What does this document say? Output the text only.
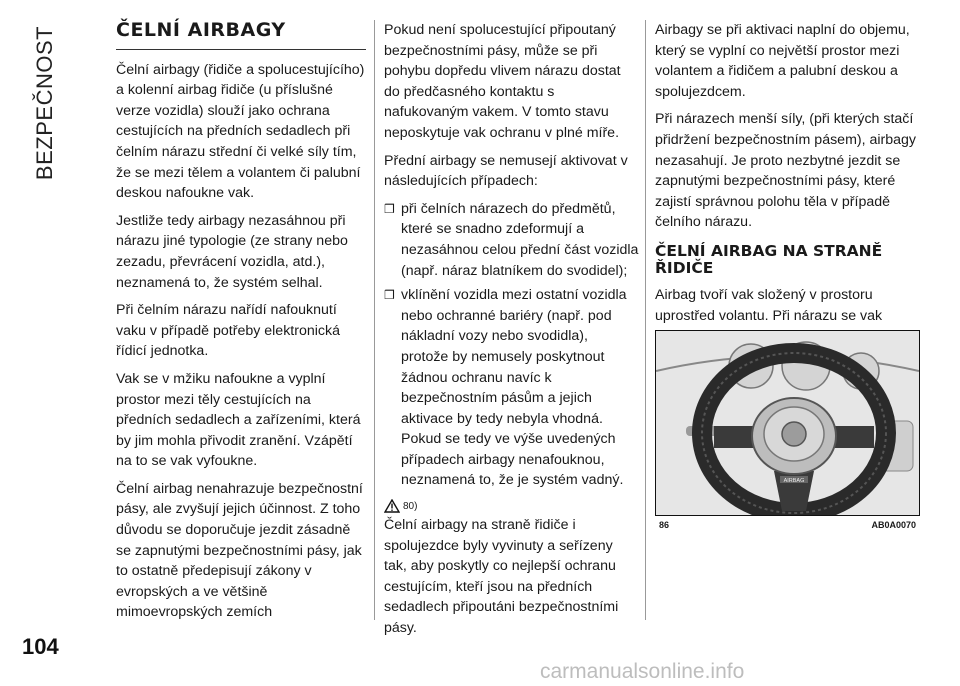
BEZPEČNOST	ČELNÍ AIRBAGY

Čelní airbagy (řidiče a spolucestujícího) a kolenní airbag řidiče (u příslušné verze vozidla) slouží jako ochrana cestujících na předních sedadlech při čelním nárazu střední či velké síly tím, že se mezi tělem a volantem či palubní deskou nafoukne vak.

Jestliže tedy airbagy nezasáhnou při nárazu jiné typologie (ze strany nebo zezadu, převrácení vozidla, atd.), neznamená to, že systém selhal.

Při čelním nárazu nařídí nafouknutí vaku v případě potřeby elektronická řídicí jednotka.

Vak se v mžiku nafoukne a vyplní prostor mezi těly cestujících na předních sedadlech a zařízeními, která by jim mohla přivodit zranění. Vzápětí na to se vak vyfoukne.

Čelní airbag nenahrazuje bezpečnostní pásy, ale zvyšují jejich účinnost. Z toho důvodu se doporučuje jezdit zásadně se zapnutými bezpečnostními pásy, jak to ostatně předepisují zákony v evropských a ve většině mimoevropských zemích

Pokud není spolucestující připoutaný bezpečnostními pásy, může se při pohybu dopředu vlivem nárazu dostat do předčasného kontaktu s nafukovaným vakem. V tomto stavu neposkytuje vak ochranu v plné míře.

Přední airbagy se nemusejí aktivovat v následujících případech:

❒ při čelních nárazech do předmětů, které se snadno zdeformují a nezasáhnou celou přední část vozidla (např. náraz blatníkem do svodidel);
❒ vklínění vozidla mezi ostatní vozidla nebo ochranné bariéry (např. pod nákladní vozy nebo svodidla), protože by nemusely poskytnout žádnou ochranu navíc k bezpečnostním pásům a jejich aktivace by tedy nebyla vhodná. Pokud se tedy ve výše uvedených případech airbagy nenafouknou, neznamená to, že je systém vadný.
80)

Čelní airbagy na straně řidiče i spolujezdce byly vyvinuty a seřízeny tak, aby poskytly co nejlepší ochranu cestujícím, kteří jsou na předních sedadlech připoutáni bezpečnostními pásy.

Airbagy se při aktivaci naplní do objemu, který se vyplní co největší prostor mezi volantem a řidičem a palubní deskou a spolujezdcem.

Při nárazech menší síly, (při kterých stačí přidržení bezpečnostním pásem), airbagy nezasahují. Je proto nezbytné jezdit se zapnutými bezpečnostními pásy, které zajistí správnou polohu těla v případě čelního nárazu.

ČELNÍ AIRBAG NA STRANĚ ŘIDIČE

Airbag tvoří vak složený v prostoru uprostřed volantu. Při nárazu se vak

AIRBAG
86	AB0A0070
104
carmanualsonline.info
